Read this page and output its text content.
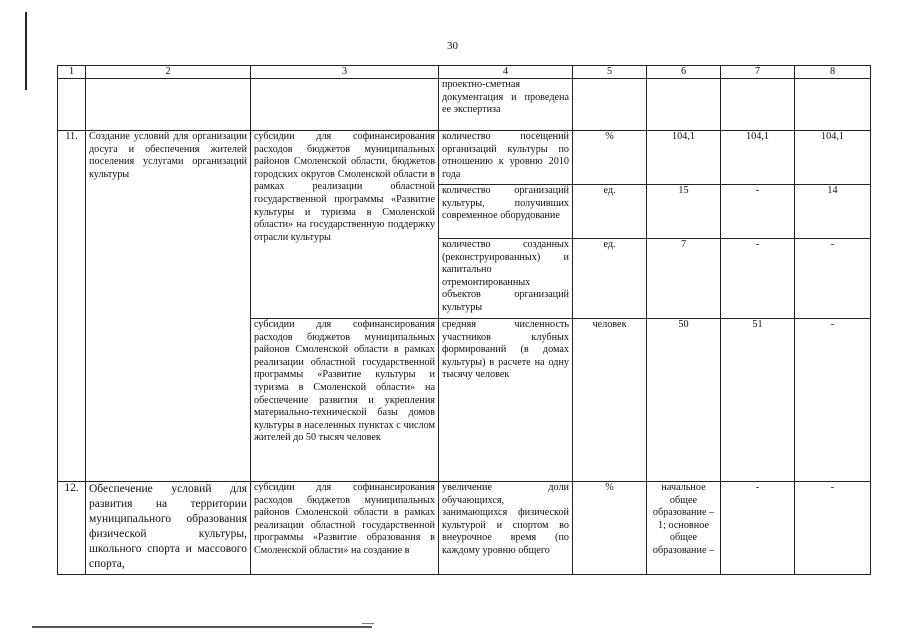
30
1	2	3	4	5	6	7	8
			проектно-сметная документация и проведена ее экспертиза				
11.	Создание условий для организации досуга и обеспечения жителей поселения услугами организаций культуры	субсидии для софинансирования расходов бюджетов муниципальных районов Смоленской области, бюджетов городских округов Смоленской области в рамках реализации областной государственной программы «Развитие культуры и туризма в Смоленской области» на государственную поддержку отрасли культуры	количество посещений организаций культуры по отношению к уровню 2010 года	%	104,1	104,1	104,1
			количество организаций культуры, получивших современное оборудование	ед.	15	-	14
			количество созданных (реконструированных) и капитально отремонтированных объектов организаций культуры	ед.	7	-	-
		субсидии для софинансирования расходов бюджетов муниципальных районов Смоленской области в рамках реализации областной государственной программы «Развитие культуры и туризма в Смоленской области» на обеспечение развития и укрепления материально-технической базы домов культуры в населенных пунктах с числом жителей до 50 тысяч человек	средняя численность участников клубных формирований (в домах культуры) в расчете на одну тысячу человек	человек	50	51	-
12.	Обеспечение условий для развития на территории муниципального образования физической культуры, школьного спорта и массового спорта,	субсидии для софинансирования расходов бюджетов муниципальных районов Смоленской области в рамках реализации областной государственной программы «Развитие образования в Смоленской области» на создание в	увеличение доли обучающихся, занимающихся физической культурой и спортом во внеурочное время (по каждому уровню общего	%	начальное общее образование – 1; основное общее образование –	-	-
